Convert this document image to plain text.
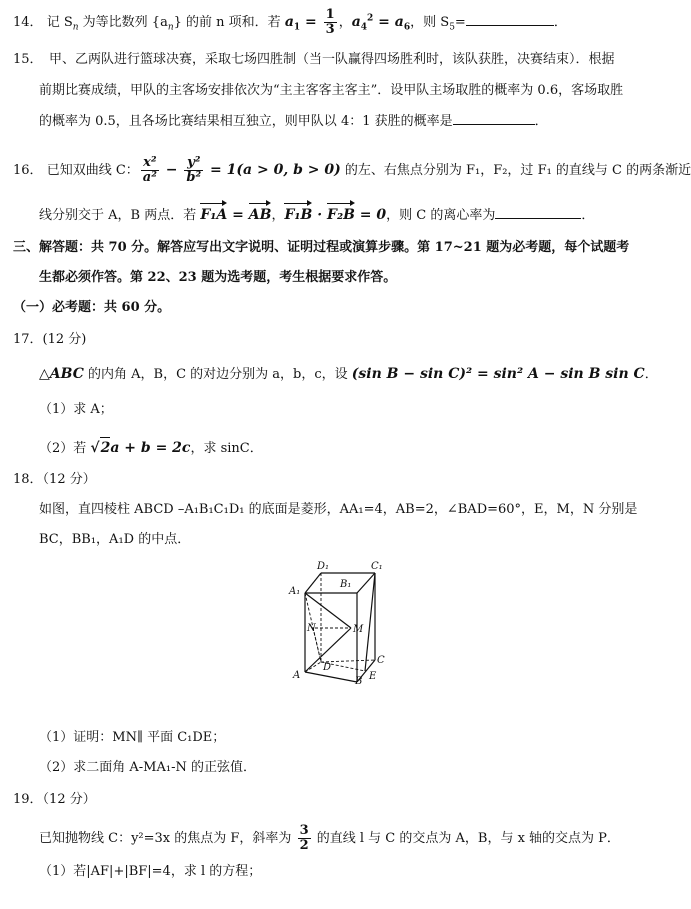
14． 记 $S_n$ 为等比数列 $\{a_n\}$ 的前 n 项和．若 $a_1 = \frac{1}{3}$ ，$a_4^2 = a_6$，则 $S_5=$	．
15．　甲、乙两队进行篮球决赛，采取七场四胜制（当一队赢得四场胜利时，该队获胜，决赛结束）．根据
前期比赛成绩，甲队的主客场安排依次为“主主客客主客主”．设甲队主场取胜的概率为 0.6，客场取胜
的概率为 0.5，且各场比赛结果相互独立，则甲队以 4：1 获胜的概率是	．
16． 已知双曲线 C： $\frac{\text{x²}}{\text{a²}} - \frac{\text{y²}}{\text{b²}} = 1(a > 0$, b > 0) 的左、右焦点分别为 F₁，F₂，过 F₁ 的直线与 C 的两条渐近
线分别交于 A，B 两点．若 F₁A = AB，F₁B · F₂B = 0，则 C 的离心率为	．
三、解答题：共 70 分。解答应写出文字说明、证明过程或演算步骤。第 17~21 题为必考题，每个试题考
生都必须作答。第 22、23 题为选考题，考生根据要求作答。
（一）必考题：共 60 分。
17．(12 分)
△ABC 的内角 A，B，C 的对边分别为 a，b，c，设 (sin B − sin C)² = sin² A − sin B sin C．
（1）求 A；
（2）若 √2a + b = 2c，求 sinC．
18．（12 分）
如图，直四棱柱 ABCD –A₁B₁C₁D₁ 的底面是菱形，AA₁=4，AB=2，∠BAD=60°，E，M，N 分别是
BC，BB₁，A₁D 的中点．
D₁	C₁
B₁
A₁
N	M
D
C
A	E
B
（1）证明：MN∥ 平面 C₁DE；
（2）求二面角 A-MA₁-N 的正弦值．
19．（12 分）
已知抛物线 C：y²=3x 的焦点为 F，斜率为 $\frac{3}{2}$ 的直线 l 与 C 的交点为 A，B，与 x 轴的交点为 P．
（1）若|AF|+|BF|=4，求 l 的方程；
